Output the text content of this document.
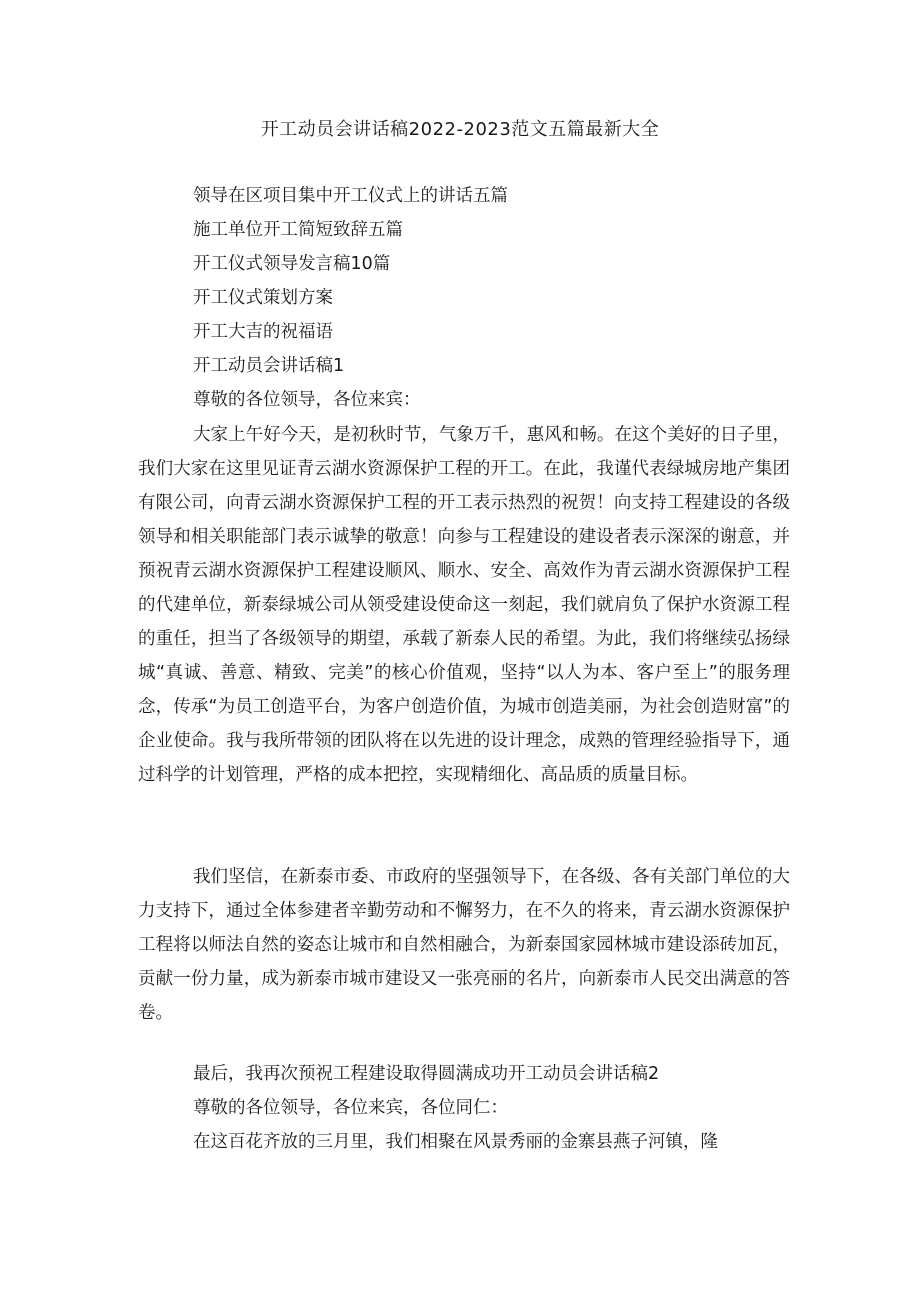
开工动员会讲话稿2022-2023范文五篇最新大全
领导在区项目集中开工仪式上的讲话五篇
施工单位开工简短致辞五篇
开工仪式领导发言稿10篇
开工仪式策划方案
开工大吉的祝福语
开工动员会讲话稿1
尊敬的各位领导，各位来宾：

大家上午好今天，是初秋时节，气象万千，惠风和畅。在这个美好的日子里，我们大家在这里见证青云湖水资源保护工程的开工。在此，我谨代表绿城房地产集团有限公司，向青云湖水资源保护工程的开工表示热烈的祝贺！向支持工程建设的各级领导和相关职能部门表示诚挚的敬意！向参与工程建设的建设者表示深深的谢意，并预祝青云湖水资源保护工程建设顺风、顺水、安全、高效作为青云湖水资源保护工程的代建单位，新泰绿城公司从领受建设使命这一刻起，我们就肩负了保护水资源工程的重任，担当了各级领导的期望，承载了新泰人民的希望。为此，我们将继续弘扬绿城“真诚、善意、精致、完美”的核心价值观，坚持“以人为本、客户至上”的服务理念，传承“为员工创造平台，为客户创造价值，为城市创造美丽，为社会创造财富”的企业使命。我与我所带领的团队将在以先进的设计理念，成熟的管理经验指导下，通过科学的计划管理，严格的成本把控，实现精细化、高品质的质量目标。

我们坚信，在新泰市委、市政府的坚强领导下，在各级、各有关部门单位的大力支持下，通过全体参建者辛勤劳动和不懈努力，在不久的将来，青云湖水资源保护工程将以师法自然的姿态让城市和自然相融合，为新泰国家园林城市建设添砖加瓦，贡献一份力量，成为新泰市城市建设又一张亮丽的名片，向新泰市人民交出满意的答卷。

最后，我再次预祝工程建设取得圆满成功开工动员会讲话稿2
尊敬的各位领导，各位来宾，各位同仁：
在这百花齐放的三月里，我们相聚在风景秀丽的金寨县燕子河镇，隆
